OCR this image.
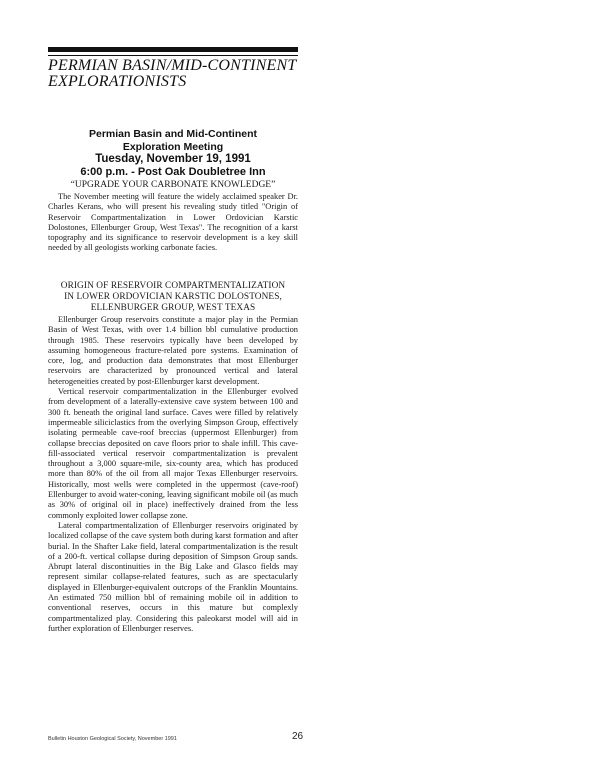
PERMIAN BASIN/MID-CONTINENT
EXPLORATIONISTS
Permian Basin and Mid-Continent
Exploration Meeting
Tuesday, November 19, 1991
6:00 p.m. - Post Oak Doubletree Inn
“UPGRADE YOUR CARBONATE KNOWLEDGE”

The November meeting will feature the widely acclaimed speaker Dr. Charles Kerans, who will present his revealing study titled "Origin of Reservoir Compartmentalization in Lower Ordovician Karstic Dolostones, Ellenburger Group, West Texas". The recognition of a karst topography and its significance to reservoir development is a key skill needed by all geologists working carbonate facies.

ORIGIN OF RESERVOIR COMPARTMENTALIZATION
IN LOWER ORDOVICIAN KARSTIC DOLOSTONES,
ELLENBURGER GROUP, WEST TEXAS

Ellenburger Group reservoirs constitute a major play in the Permian Basin of West Texas, with over 1.4 billion bbl cumulative production through 1985. These reservoirs typically have been developed by assuming homogeneous fracture-related pore systems. Examination of core, log, and production data demonstrates that most Ellenburger reservoirs are characterized by pronounced vertical and lateral heterogeneities created by post-Ellenburger karst development.

Vertical reservoir compartmentalization in the Ellenburger evolved from development of a laterally-extensive cave system between 100 and 300 ft. beneath the original land surface. Caves were filled by relatively impermeable siliciclastics from the overlying Simpson Group, effectively isolating permeable cave-roof breccias (uppermost Ellenburger) from collapse breccias deposited on cave floors prior to shale infill. This cave-fill-associated vertical reservoir compartmentalization is prevalent throughout a 3,000 square-mile, six-county area, which has produced more than 80% of the oil from all major Texas Ellenburger reservoirs. Historically, most wells were completed in the uppermost (cave-roof) Ellenburger to avoid water-coning, leaving significant mobile oil (as much as 30% of original oil in place) ineffectively drained from the less commonly exploited lower collapse zone.

Lateral compartmentalization of Ellenburger reservoirs originated by localized collapse of the cave system both during karst formation and after burial. In the Shafter Lake field, lateral compartmentalization is the result of a 200-ft. vertical collapse during deposition of Simpson Group sands. Abrupt lateral discontinuities in the Big Lake and Glasco fields may represent similar collapse-related features, such as are spectacularly displayed in Ellenburger-equivalent outcrops of the Franklin Mountains. An estimated 750 million bbl of remaining mobile oil in addition to conventional reserves, occurs in this mature but complexly compartmentalized play. Considering this paleokarst model will aid in further exploration of Ellenburger reserves.

Bulletin Houston Geological Society, November 1991	26
